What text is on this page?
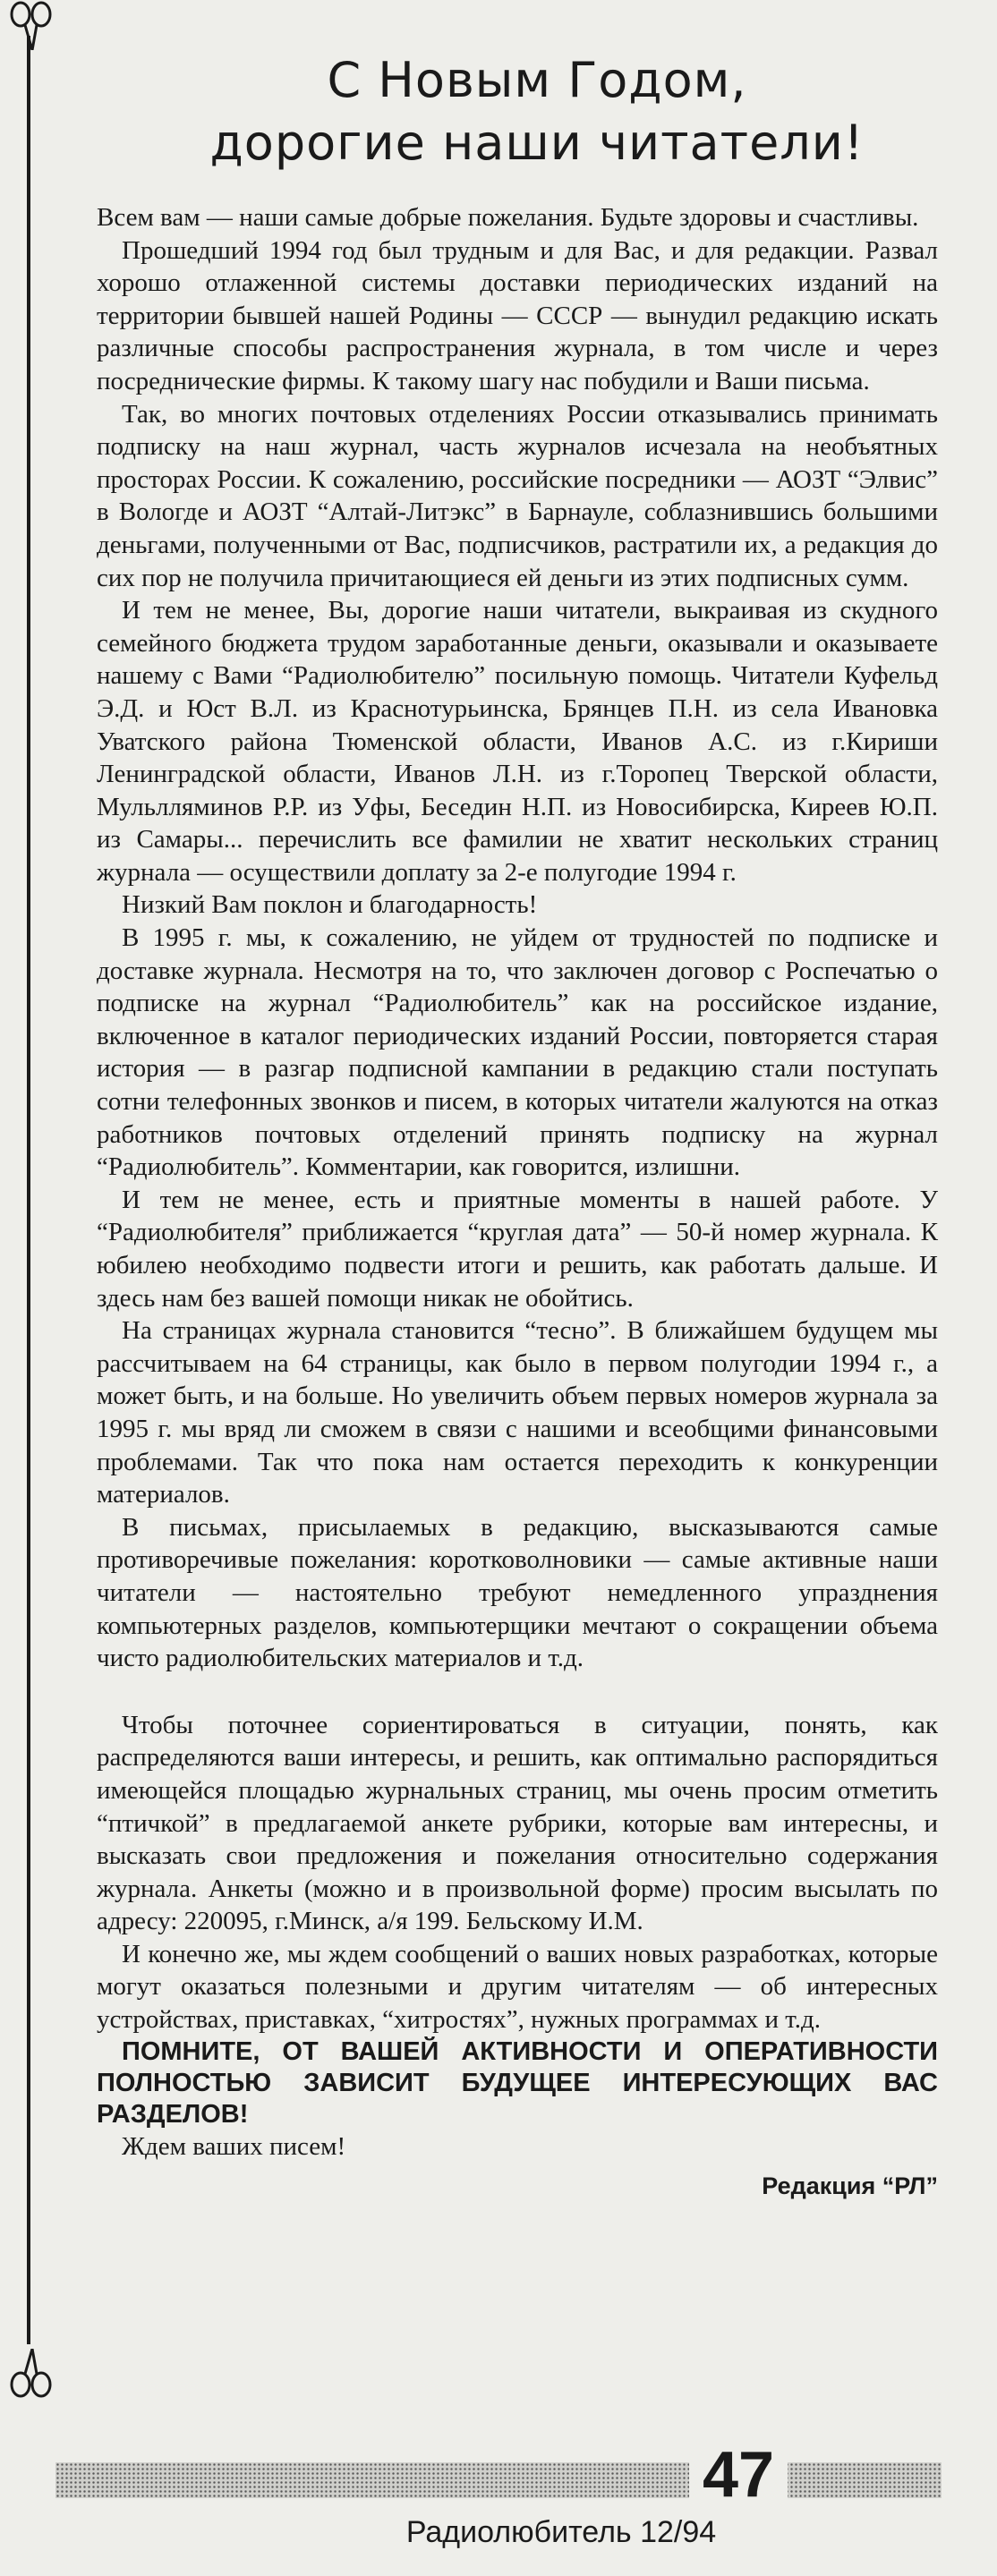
С Новым Годом,
дорогие наши читатели!

Всем вам — наши самые добрые пожелания. Будьте здоровы и счастливы.

Прошедший 1994 год был трудным и для Вас, и для редакции. Развал хорошо отлаженной системы доставки периодических изданий на территории бывшей нашей Родины — СССР — вынудил редакцию искать различные способы распространения журнала, в том числе и через посреднические фирмы. К такому шагу нас побудили и Ваши письма.

Так, во многих почтовых отделениях России отказывались принимать подписку на наш журнал, часть журналов исчезала на необъятных просторах России. К сожалению, российские посредники — АОЗТ “Элвис” в Вологде и АОЗТ “Алтай-Литэкс” в Барнауле, соблазнившись большими деньгами, полученными от Вас, подписчиков, растратили их, а редакция до сих пор не получила причитающиеся ей деньги из этих подписных сумм.

И тем не менее, Вы, дорогие наши читатели, выкраивая из скудного семейного бюджета трудом заработанные деньги, оказывали и оказываете нашему с Вами “Радиолюбителю” посильную помощь. Читатели Куфельд Э.Д. и Юст В.Л. из Краснотурьинска, Брянцев П.Н. из села Ивановка Уватского района Тюменской области, Иванов А.С. из г.Кириши Ленинградской области, Иванов Л.Н. из г.Торопец Тверской области, Мульлляминов Р.Р. из Уфы, Беседин Н.П. из Новосибирска, Киреев Ю.П. из Самары... перечислить все фамилии не хватит нескольких страниц журнала — осуществили доплату за 2-е полугодие 1994 г.

Низкий Вам поклон и благодарность!

В 1995 г. мы, к сожалению, не уйдем от трудностей по подписке и доставке журнала. Несмотря на то, что заключен договор с Роспечатью о подписке на журнал “Радиолюбитель” как на российское издание, включенное в каталог периодических изданий России, повторяется старая история — в разгар подписной кампании в редакцию стали поступать сотни телефонных звонков и писем, в которых читатели жалуются на отказ работников почтовых отделений принять подписку на журнал “Радиолюбитель”. Комментарии, как говорится, излишни.

И тем не менее, есть и приятные моменты в нашей работе. У “Радиолюбителя” приближается “круглая дата” — 50-й номер журнала. К юбилею необходимо подвести итоги и решить, как работать дальше. И здесь нам без вашей помощи никак не обойтись.

На страницах журнала становится “тесно”. В ближайшем будущем мы рассчитываем на 64 страницы, как было в первом полугодии 1994 г., а может быть, и на больше. Но увеличить объем первых номеров журнала за 1995 г. мы вряд ли сможем в связи с нашими и всеобщими финансовыми проблемами. Так что пока нам остается переходить к конкуренции материалов.

В письмах, присылаемых в редакцию, высказываются самые противоречивые пожелания: коротковолновики — самые активные наши читатели — настоятельно требуют немедленного упразднения компьютерных разделов, компьютерщики мечтают о сокращении объема чисто радиолюбительских материалов и т.д.

Чтобы поточнее сориентироваться в ситуации, понять, как распределяются ваши интересы, и решить, как оптимально распорядиться имеющейся площадью журнальных страниц, мы очень просим отметить “птичкой” в предлагаемой анкете рубрики, которые вам интересны, и высказать свои предложения и пожелания относительно содержания журнала. Анкеты (можно и в произвольной форме) просим высылать по адресу: 220095, г.Минск, а/я 199. Бельскому И.М.

И конечно же, мы ждем сообщений о ваших новых разработках, которые могут оказаться полезными и другим читателям — об интересных устройствах, приставках, “хитростях”, нужных программах и т.д.

ПОМНИТЕ, ОТ ВАШЕЙ АКТИВНОСТИ И ОПЕРАТИВНОСТИ ПОЛНОСТЬЮ ЗАВИСИТ БУДУЩЕЕ ИНТЕРЕСУЮЩИХ ВАС РАЗДЕЛОВ!

Ждем ваших писем!

Редакция “РЛ”
47
Радиолюбитель 12/94
